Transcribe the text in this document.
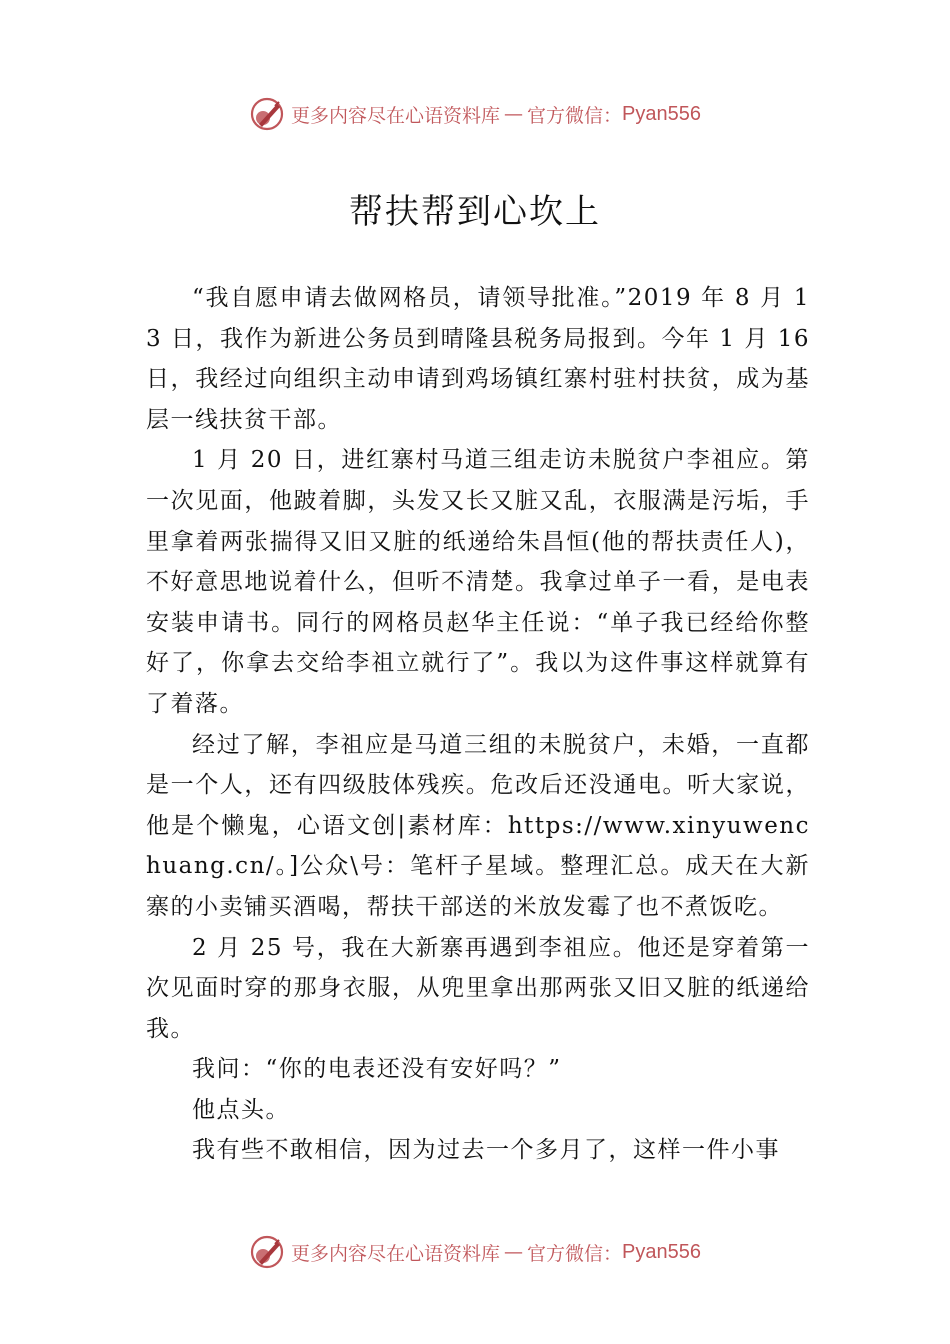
更多内容尽在心语资料库 — 官方微信： Pyan556
帮扶帮到心坎上

“我自愿申请去做网格员，请领导批准。”2019 年 8 月 13 日，我作为新进公务员到晴隆县税务局报到。今年 1 月 16 日，我经过向组织主动申请到鸡场镇红寨村驻村扶贫，成为基层一线扶贫干部。

1 月 20 日，进红寨村马道三组走访未脱贫户李祖应。第一次见面，他跛着脚，头发又长又脏又乱，衣服满是污垢，手里拿着两张揣得又旧又脏的纸递给朱昌恒(他的帮扶责任人)，不好意思地说着什么，但听不清楚。我拿过单子一看，是电表安装申请书。同行的网格员赵华主任说：“单子我已经给你整好了，你拿去交给李祖立就行了”。我以为这件事这样就算有了着落。

经过了解，李祖应是马道三组的未脱贫户，未婚，一直都是一个人，还有四级肢体残疾。危改后还没通电。听大家说，他是个懒鬼，心语文创|素材库：https://www.xinyuwenchuang.cn/。]公众\号：笔杆子星域。整理汇总。成天在大新寨的小卖铺买酒喝，帮扶干部送的米放发霉了也不煮饭吃。

2 月 25 号，我在大新寨再遇到李祖应。他还是穿着第一次见面时穿的那身衣服，从兜里拿出那两张又旧又脏的纸递给我。

我问：“你的电表还没有安好吗？”

他点头。

我有些不敢相信，因为过去一个多月了，这样一件小事

更多内容尽在心语资料库 — 官方微信： Pyan556
